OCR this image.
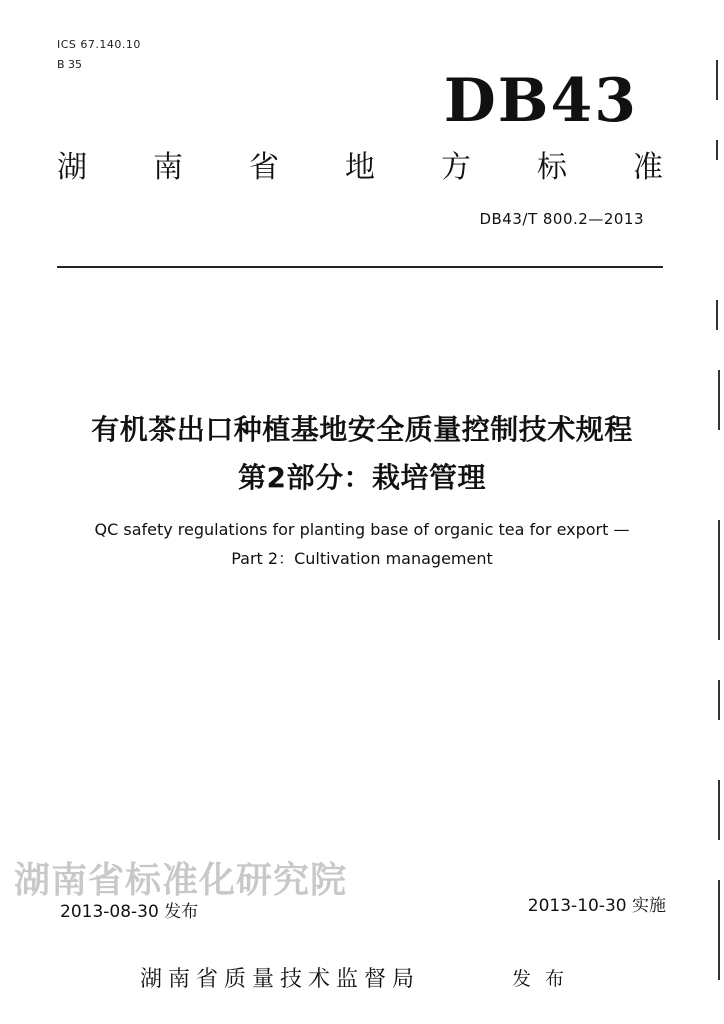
ICS 67.140.10
B 35
DB43
湖 南 省 地 方 标 准
DB43/T 800.2—2013
有机茶出口种植基地安全质量控制技术规程
第2部分：栽培管理
QC safety regulations for planting base of organic tea for export —
Part 2：Cultivation management
湖南省标准化研究院
2013-08-30 发布	2013-10-30 实施
湖南省质量技术监督局	发 布
